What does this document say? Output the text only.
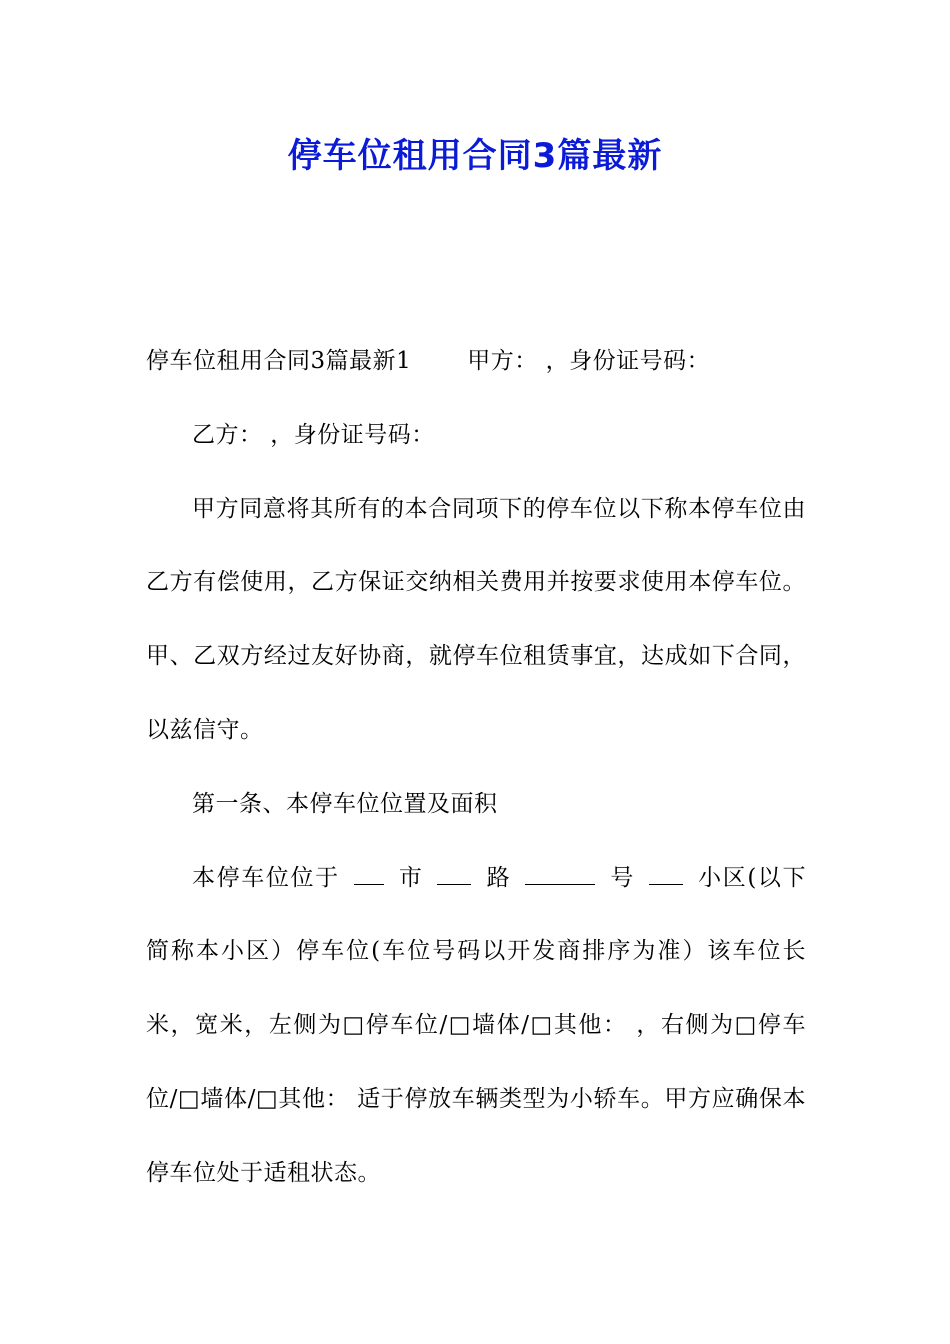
停车位租用合同3篇最新

停车位租用合同3篇最新1 甲方： ，身份证号码：

乙方： ，身份证号码：

甲方同意将其所有的本合同项下的停车位以下称本停车位由乙方有偿使用，乙方保证交纳相关费用并按要求使用本停车位。甲、乙双方经过友好协商，就停车位租赁事宜，达成如下合同，以兹信守。

第一条、本停车位位置及面积

本停车位位于	市	路	号	小区(以下简称本小区）停车位(车位号码以开发商排序为准）该车位长米，宽米，左侧为□停车位/□墙体/□其他： ，右侧为□停车位/□墙体/□其他： 适于停放车辆类型为小轿车。甲方应确保本停车位处于适租状态。
